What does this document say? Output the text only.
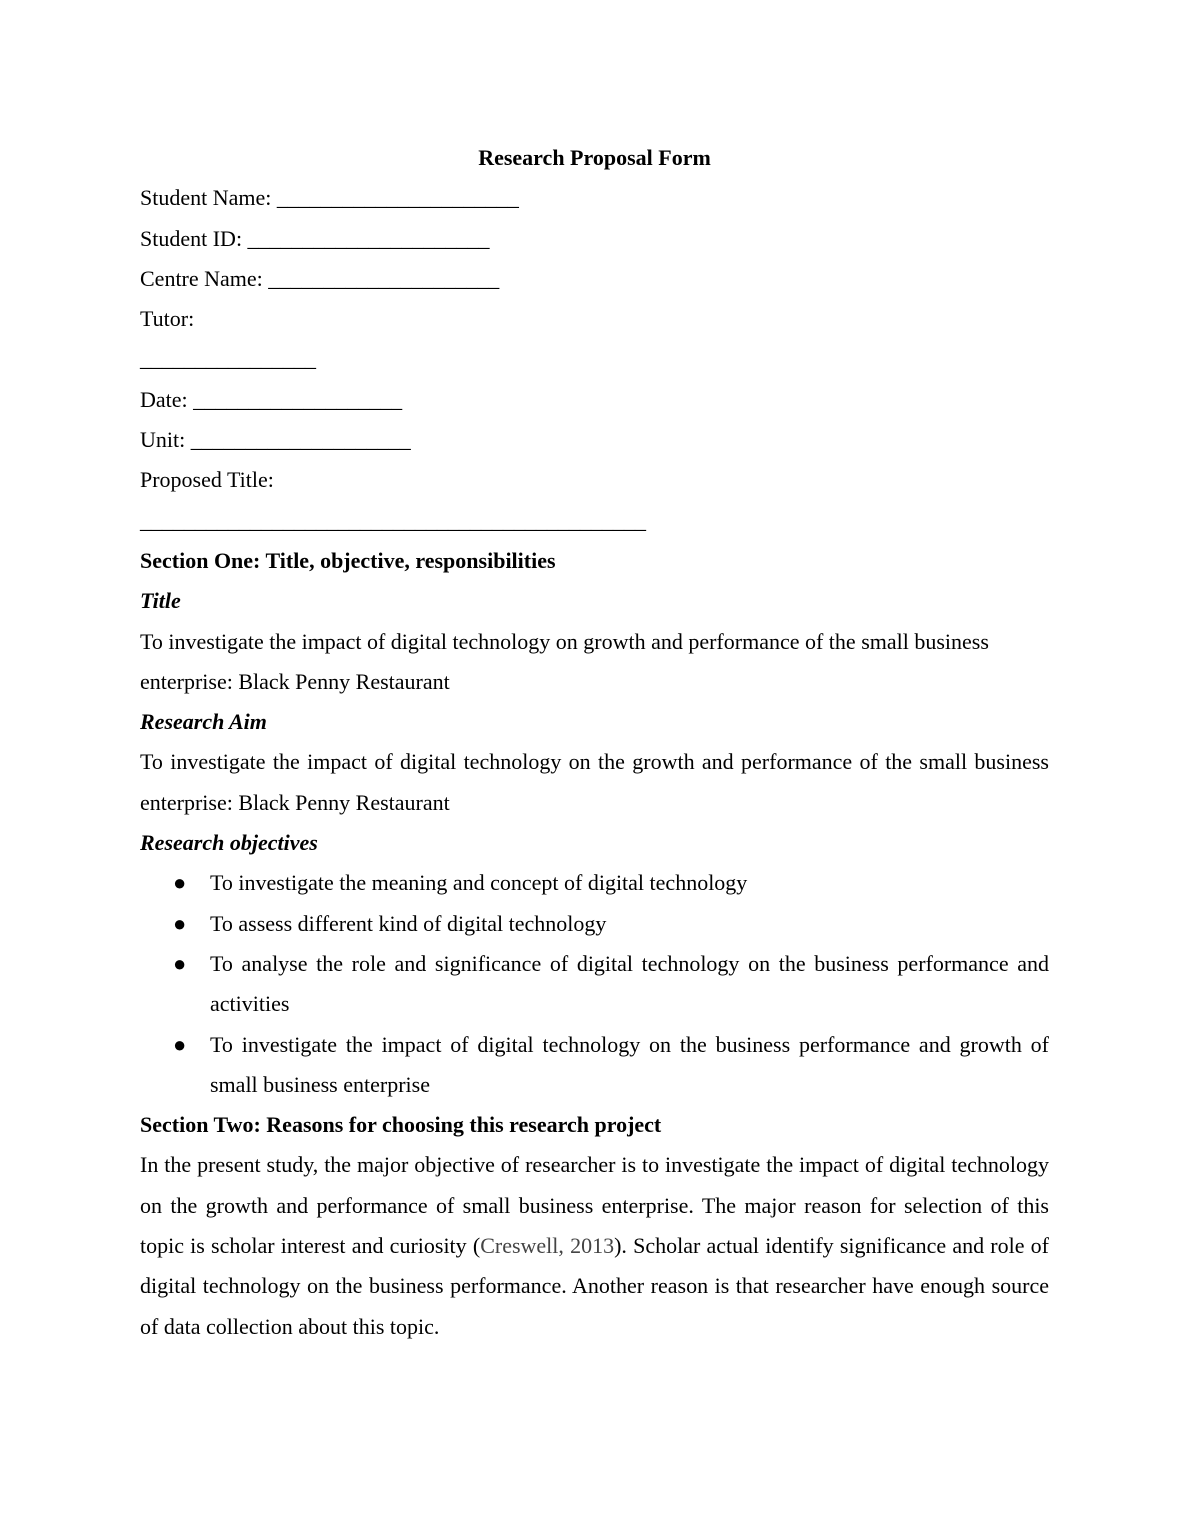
Research Proposal Form

Student Name: ______________________

Student ID: ______________________

Centre Name: _____________________

Tutor:

________________

Date: ___________________

Unit: ____________________

Proposed Title:

______________________________________________

Section One: Title, objective, responsibilities

Title

To investigate the impact of digital technology on growth and performance of the small business enterprise: Black Penny Restaurant

Research Aim

To investigate the impact of digital technology on the growth and performance of the small business enterprise: Black Penny Restaurant

Research objectives

● To investigate the meaning and concept of digital technology
● To assess different kind of digital technology
● To analyse the role and significance of digital technology on the business performance and activities
● To investigate the impact of digital technology on the business performance and growth of small business enterprise

Section Two: Reasons for choosing this research project

In the present study, the major objective of researcher is to investigate the impact of digital technology on the growth and performance of small business enterprise. The major reason for selection of this topic is scholar interest and curiosity (Creswell, 2013). Scholar actual identify significance and role of digital technology on the business performance. Another reason is that researcher have enough source of data collection about this topic.
